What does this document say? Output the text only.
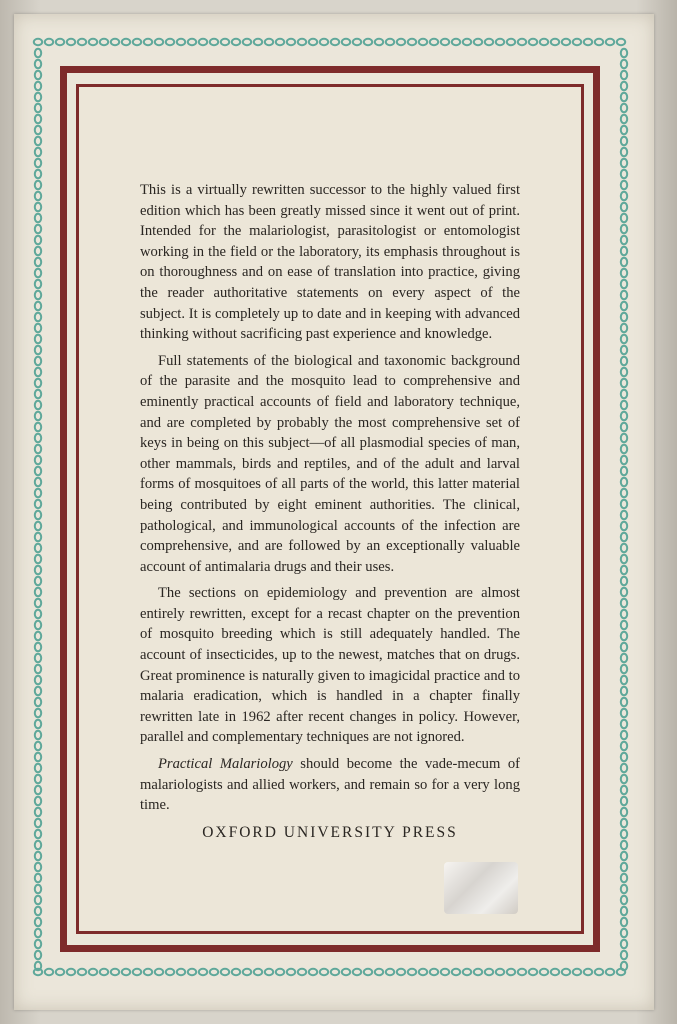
This is a virtually rewritten successor to the highly valued first edition which has been greatly missed since it went out of print. Intended for the malariologist, parasitologist or entomologist working in the field or the laboratory, its emphasis throughout is on thoroughness and on ease of translation into practice, giving the reader authoritative statements on every aspect of the subject. It is completely up to date and in keeping with advanced thinking without sacrificing past experience and knowledge.

Full statements of the biological and taxonomic background of the parasite and the mosquito lead to comprehensive and eminently practical accounts of field and laboratory technique, and are completed by probably the most comprehensive set of keys in being on this subject—of all plasmodial species of man, other mammals, birds and reptiles, and of the adult and larval forms of mosquitoes of all parts of the world, this latter material being contributed by eight eminent authorities. The clinical, pathological, and immunological accounts of the infection are comprehensive, and are followed by an exceptionally valuable account of antimalaria drugs and their uses.

The sections on epidemiology and prevention are almost entirely rewritten, except for a recast chapter on the prevention of mosquito breeding which is still adequately handled. The account of insecticides, up to the newest, matches that on drugs. Great prominence is naturally given to imagicidal practice and to malaria eradication, which is handled in a chapter finally rewritten late in 1962 after recent changes in policy. However, parallel and complementary techniques are not ignored.

Practical Malariology should become the vade-mecum of malariologists and allied workers, and remain so for a very long time.

OXFORD UNIVERSITY PRESS
